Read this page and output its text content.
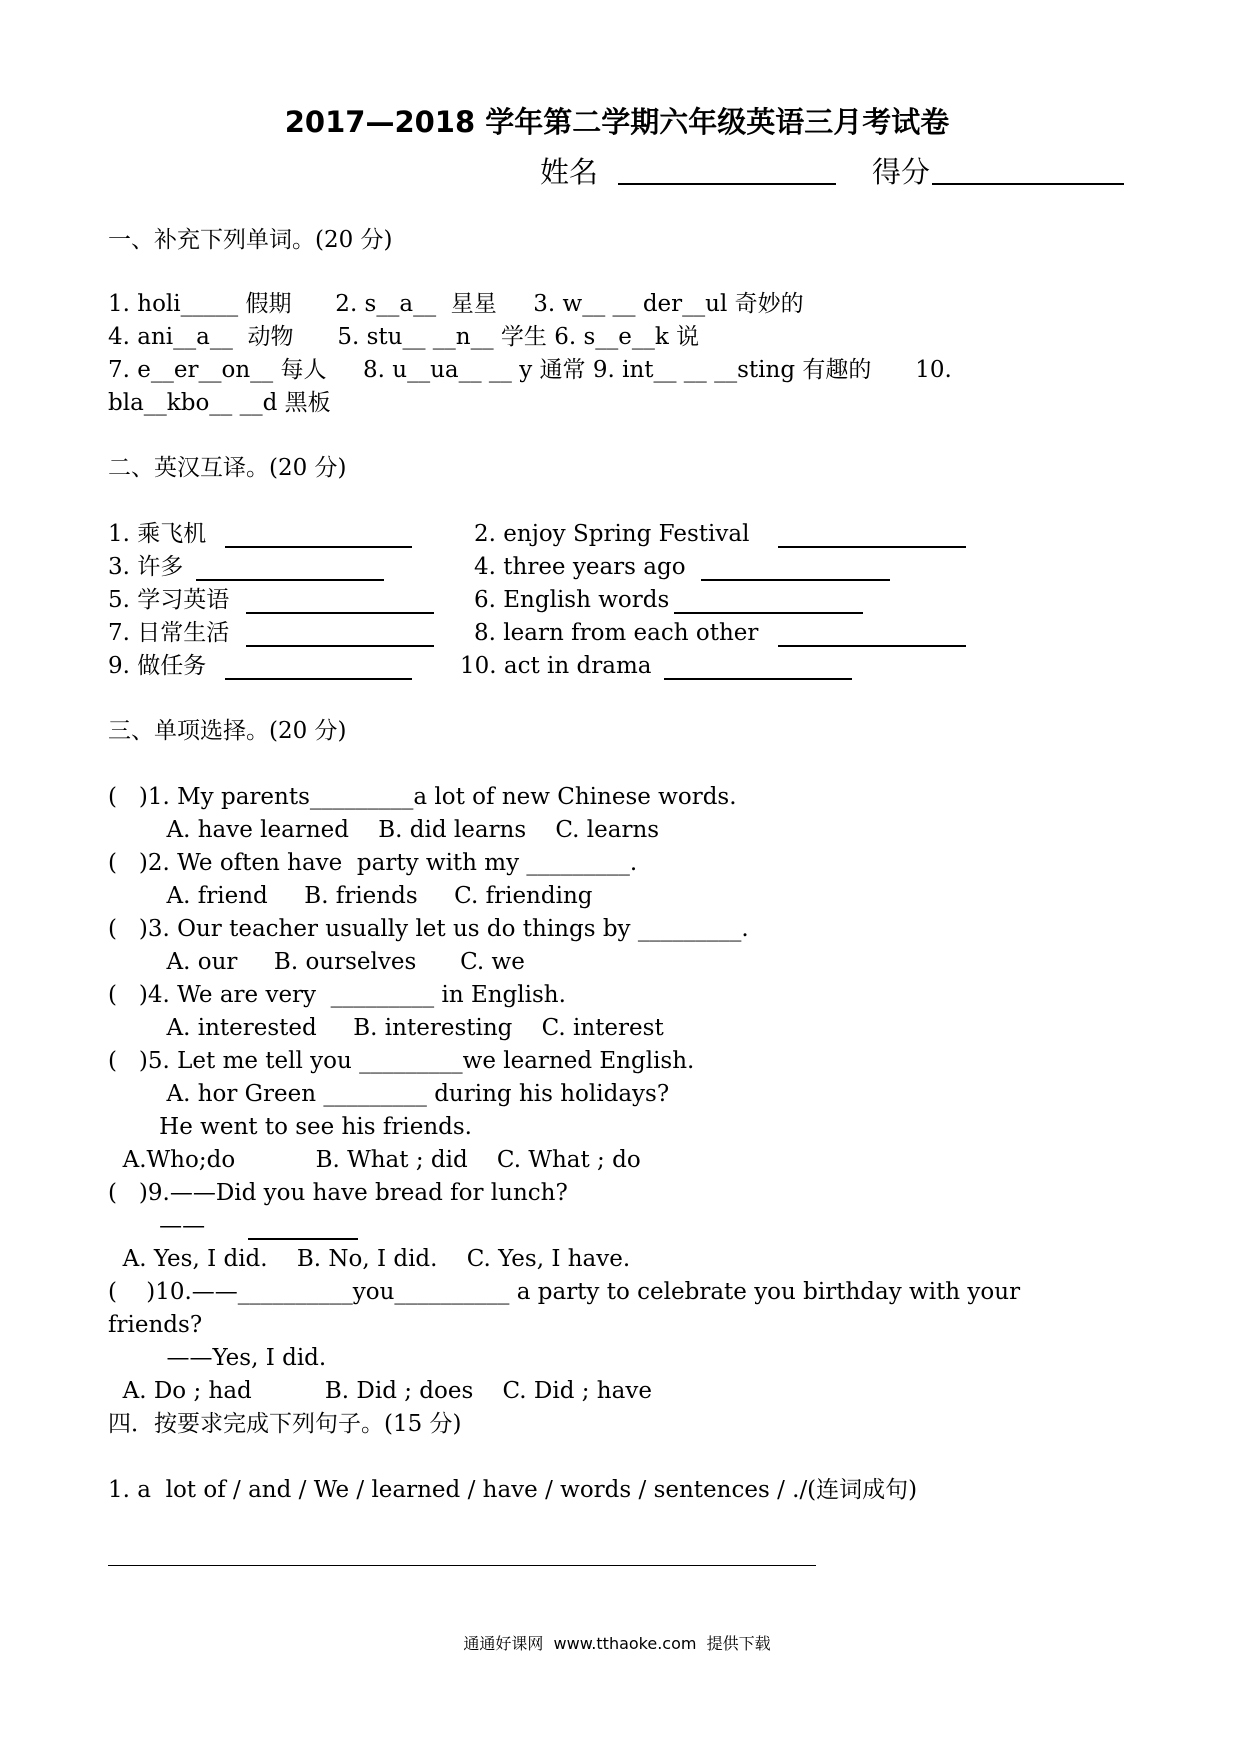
2017—2018 学年第二学期六年级英语三月考试卷
姓名	得分
一、补充下列单词。(20 分)
1. holi_____ 假期      2. s__a__  星星     3. w__ __ der__ul 奇妙的
4. ani__a__  动物      5. stu__ __n__ 学生 6. s__e__k 说
7. e__er__on__ 每人     8. u__ua__ __ y 通常 9. int__ __ __sting 有趣的      10.
bla__kbo__ __d 黑板
二、英汉互译。(20 分)
1. 乘飞机	2. enjoy Spring Festival
3. 许多	4. three years ago
5. 学习英语	6. English words
7. 日常生活	8. learn from each other
9. 做任务	10. act in drama
三、单项选择。(20 分)
(   )1. My parents_________a lot of new Chinese words.
A. have learned    B. did learns    C. learns
(   )2. We often have  party with my _________.
A. friend     B. friends     C. friending
(   )3. Our teacher usually let us do things by _________.
A. our     B. ourselves      C. we
(   )4. We are very  _________ in English.
A. interested     B. interesting    C. interest
(   )5. Let me tell you _________we learned English.
A. hor Green _________ during his holidays?
He went to see his friends.
A.Who;do           B. What ; did    C. What ; do
(   )9.——Did you have bread for lunch?
——
A. Yes, I did.    B. No, I did.    C. Yes, I have.
(    )10.——__________you__________ a party to celebrate you birthday with your
friends?
——Yes, I did.
A. Do ; had          B. Did ; does    C. Did ; have
四．按要求完成下列句子。(15 分)
1. a  lot of / and / We / learned / have / words / sentences / ./(连词成句)
通通好课网  www.tthaoke.com  提供下载
